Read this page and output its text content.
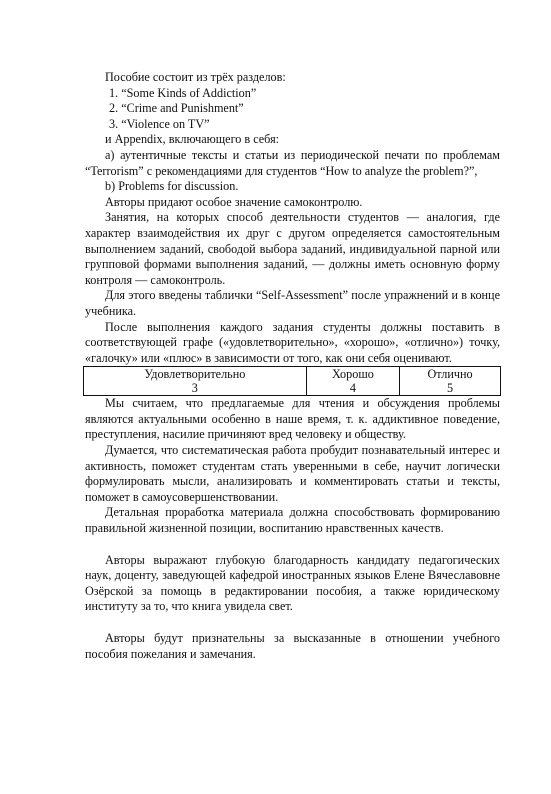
Пособие состоит из трёх разделов:

1. “Some Kinds of Addiction”

2. “Crime and Punishment”

3. “Violence on TV”

и Appendix, включающего в себя:

а) аутентичные тексты и статьи из периодической печати по проблемам “Terrorism” с рекомендациями для студентов “How to analyze the problem?”,

b) Problems for discussion.

Авторы придают особое значение самоконтролю.

Занятия, на которых способ деятельности студентов — аналогия, где характер взаимодействия их друг с другом определяется самостоятельным выполнением заданий, свободой выбора заданий, индивидуальной парной или групповой формами выполнения заданий, — должны иметь основную форму контроля — самоконтроль.

Для этого введены таблички “Self-Assessment” после упражнений и в конце учебника.

После выполнения каждого задания студенты должны поставить в соответствующей графе («удовлетворительно», «хорошо», «отлично») точку, «галочку» или «плюс» в зависимости от того, как они себя оценивают.

Удовлетворительно	Хорошо	Отлично
3	4	5

Мы считаем, что предлагаемые для чтения и обсуждения проблемы являются актуальными особенно в наше время, т. к. аддиктивное поведение, преступления, насилие причиняют вред человеку и обществу.

Думается, что систематическая работа пробудит познавательный интерес и активность, поможет студентам стать уверенными в себе, научит логически формулировать мысли, анализировать и комментировать статьи и тексты, поможет в самоусовершенствовании.

Детальная проработка материала должна способствовать формированию правильной жизненной позиции, воспитанию нравственных качеств.

Авторы выражают глубокую благодарность кандидату педагогических наук, доценту, заведующей кафедрой иностранных языков Елене Вячеславовне Озёрской за помощь в редактировании пособия, а также юридическому институту за то, что книга увидела свет.

Авторы будут признательны за высказанные в отношении учебного пособия пожелания и замечания.
